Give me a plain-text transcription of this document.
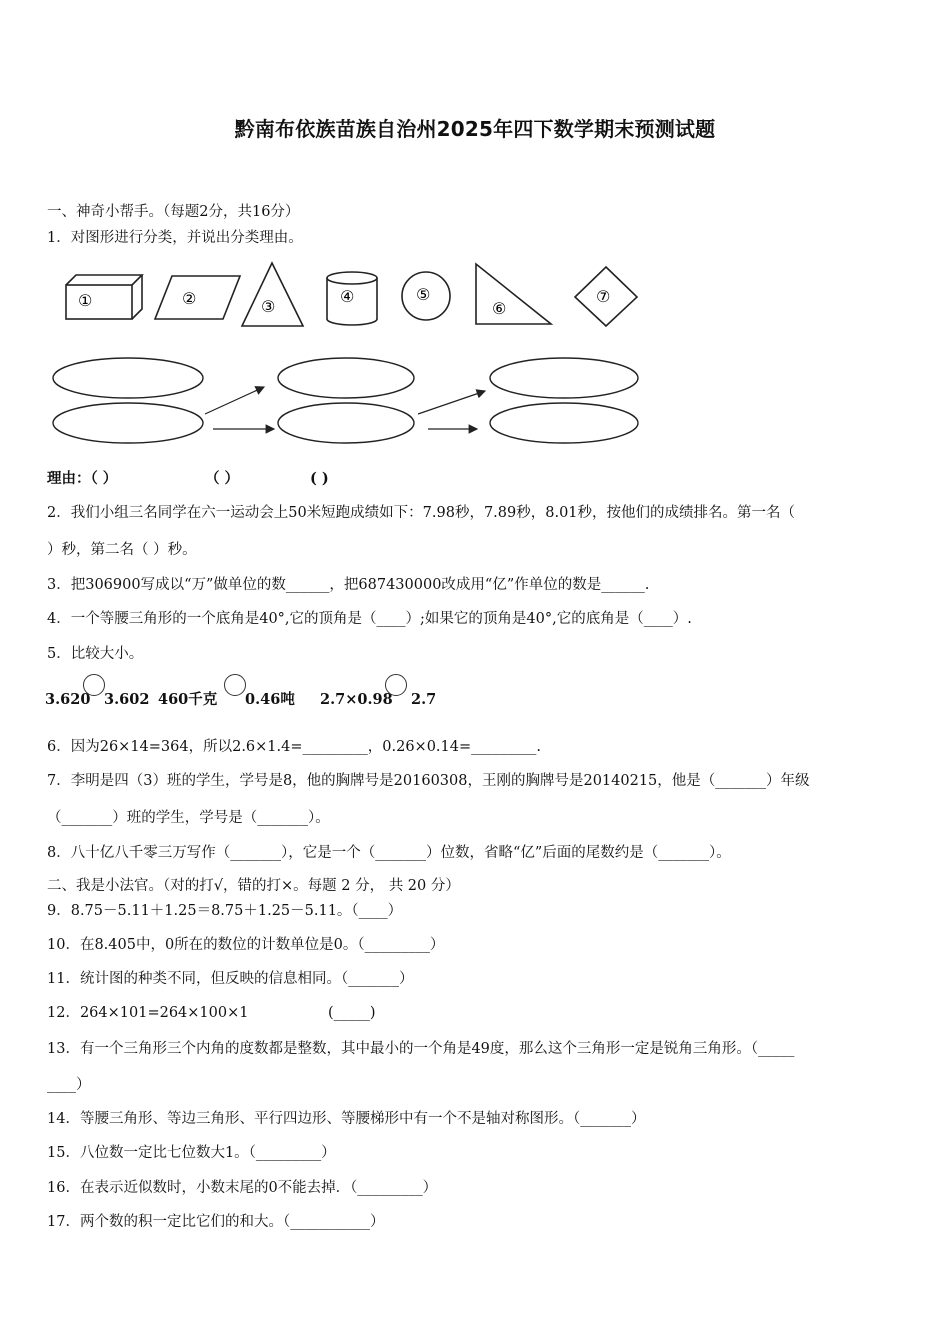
黔南布依族苗族自治州2025年四下数学期末预测试题
一、神奇小帮手。（每题2分，共16分）
1．对图形进行分类，并说出分类理由。
①	②	③
④	⑤
⑥
⑦
理由：（ ）	（ ）	( )
2．我们小组三名同学在六一运动会上50米短跑成绩如下：7.98秒，7.89秒，8.01秒，按他们的成绩排名。第一名（
）秒，第二名（ ）秒。
3．把306900写成以“万”做单位的数______，把687430000改成用“亿”作单位的数是______.
4．一个等腰三角形的一个底角是40°,它的顶角是（____）;如果它的顶角是40°,它的底角是（____）.
5．比较大小。
3.620 3.602 460千克 0.46吨 2.7×0.98 2.7
6．因为26×14=364，所以2.6×1.4=_________，0.26×0.14=_________.
7．李明是四（3）班的学生，学号是8，他的胸牌号是20160308，王刚的胸牌号是20140215，他是（_______）年级
（_______）班的学生，学号是（_______）。
8．八十亿八千零三万写作（_______），它是一个（_______）位数，省略“亿”后面的尾数约是（_______）。
二、我是小法官。（对的打√，错的打×。每题 2 分， 共 20 分）
9．8.75－5.11＋1.25＝8.75＋1.25－5.11。（____）
10．在8.405中，0所在的数位的计数单位是0。（_________）
11．统计图的种类不同，但反映的信息相同。（_______）
12．264×101=264×100×1	(_____)
13．有一个三角形三个内角的度数都是整数，其中最小的一个角是49度，那么这个三角形一定是锐角三角形。（_____
____）
14．等腰三角形、等边三角形、平行四边形、等腰梯形中有一个不是轴对称图形。（_______）
15．八位数一定比七位数大1。（_________）
16．在表示近似数时，小数末尾的0不能去掉．（_________）
17．两个数的积一定比它们的和大。（___________）
